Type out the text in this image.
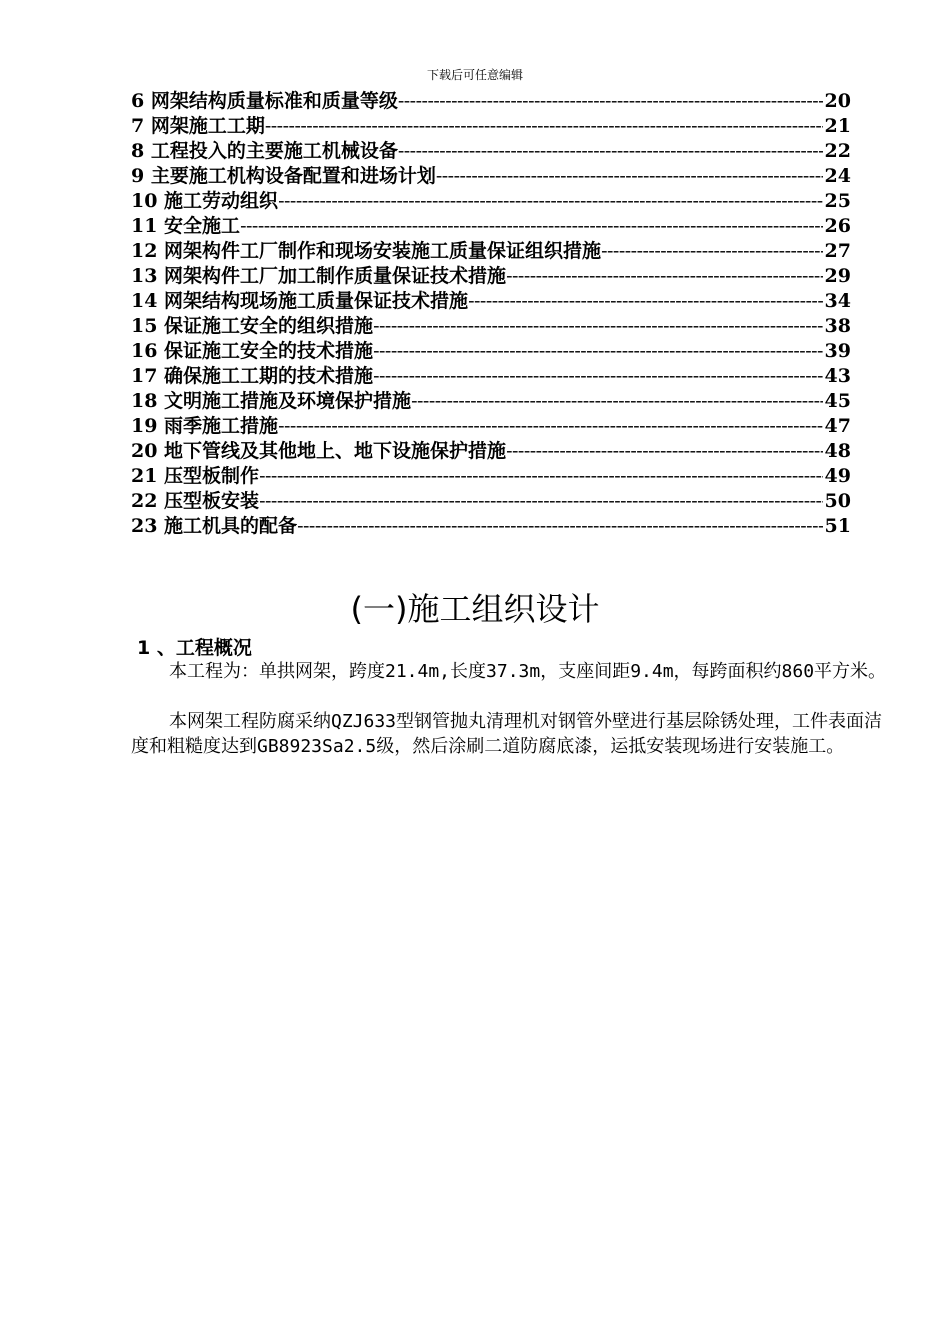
下载后可任意编辑
6 网架结构质量标准和质量等级 -----	20
7 网架施工工期 -----	21
8 工程投入的主要施工机械设备 -----	22
9 主要施工机构设备配置和进场计划 -----	24
10 施工劳动组织 -----	25
11 安全施工 -----	26
12 网架构件工厂制作和现场安装施工质量保证组织措施 -----	27
13 网架构件工厂加工制作质量保证技术措施 -----	29
14 网架结构现场施工质量保证技术措施 -----	34
15 保证施工安全的组织措施 -----	38
16 保证施工安全的技术措施 -----	39
17 确保施工工期的技术措施 -----	43
18 文明施工措施及环境保护措施 -----	45
19 雨季施工措施 -----	47
20 地下管线及其他地上、地下设施保护措施 -----	48
21 压型板制作 -----	49
22 压型板安装 -----	50
23 施工机具的配备 -----	51
(一)施工组织设计
1 、工程概况
本工程为：单拱网架，跨度21.4m,长度37.3m，支座间距9.4m，每跨面积约860平方米。
本网架工程防腐采纳QZJ633型钢管抛丸清理机对钢管外壁进行基层除锈处理，工件表面洁度和粗糙度达到GB8923Sa2.5级，然后涂刷二道防腐底漆，运抵安装现场进行安装施工。
